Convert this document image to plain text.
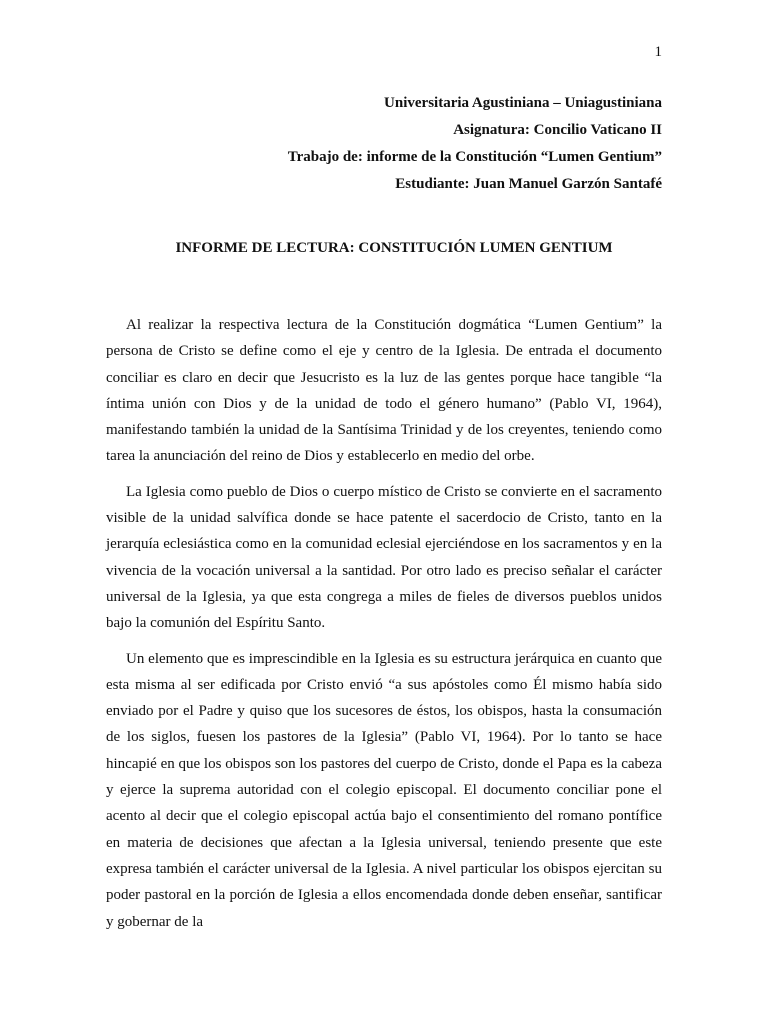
1
Universitaria Agustiniana – Uniagustiniana
Asignatura: Concilio Vaticano II
Trabajo de: informe de la Constitución “Lumen Gentium”
Estudiante: Juan Manuel Garzón Santafé
INFORME DE LECTURA: CONSTITUCIÓN LUMEN GENTIUM

Al realizar la respectiva lectura de la Constitución dogmática “Lumen Gentium” la persona de Cristo se define como el eje y centro de la Iglesia. De entrada el documento conciliar es claro en decir que Jesucristo es la luz de las gentes porque hace tangible “la íntima unión con Dios y de la unidad de todo el género humano” (Pablo VI, 1964), manifestando también la unidad de la Santísima Trinidad y de los creyentes, teniendo como tarea la anunciación del reino de Dios y establecerlo en medio del orbe.

La Iglesia como pueblo de Dios o cuerpo místico de Cristo se convierte en el sacramento visible de la unidad salvífica donde se hace patente el sacerdocio de Cristo, tanto en la jerarquía eclesiástica como en la comunidad eclesial ejerciéndose en los sacramentos y en la vivencia de la vocación universal a la santidad. Por otro lado es preciso señalar el carácter universal de la Iglesia, ya que esta congrega a miles de fieles de diversos pueblos unidos bajo la comunión del Espíritu Santo.

Un elemento que es imprescindible en la Iglesia es su estructura jerárquica en cuanto que esta misma al ser edificada por Cristo envió “a sus apóstoles como Él mismo había sido enviado por el Padre y quiso que los sucesores de éstos, los obispos, hasta la consumación de los siglos, fuesen los pastores de la Iglesia” (Pablo VI, 1964). Por lo tanto se hace hincapié en que los obispos son los pastores del cuerpo de Cristo, donde el Papa es la cabeza y ejerce la suprema autoridad con el colegio episcopal. El documento conciliar pone el acento al decir que el colegio episcopal actúa bajo el consentimiento del romano pontífice en materia de decisiones que afectan a la Iglesia universal, teniendo presente que este expresa también el carácter universal de la Iglesia. A nivel particular los obispos ejercitan su poder pastoral en la porción de Iglesia a ellos encomendada donde deben enseñar, santificar y gobernar de la
